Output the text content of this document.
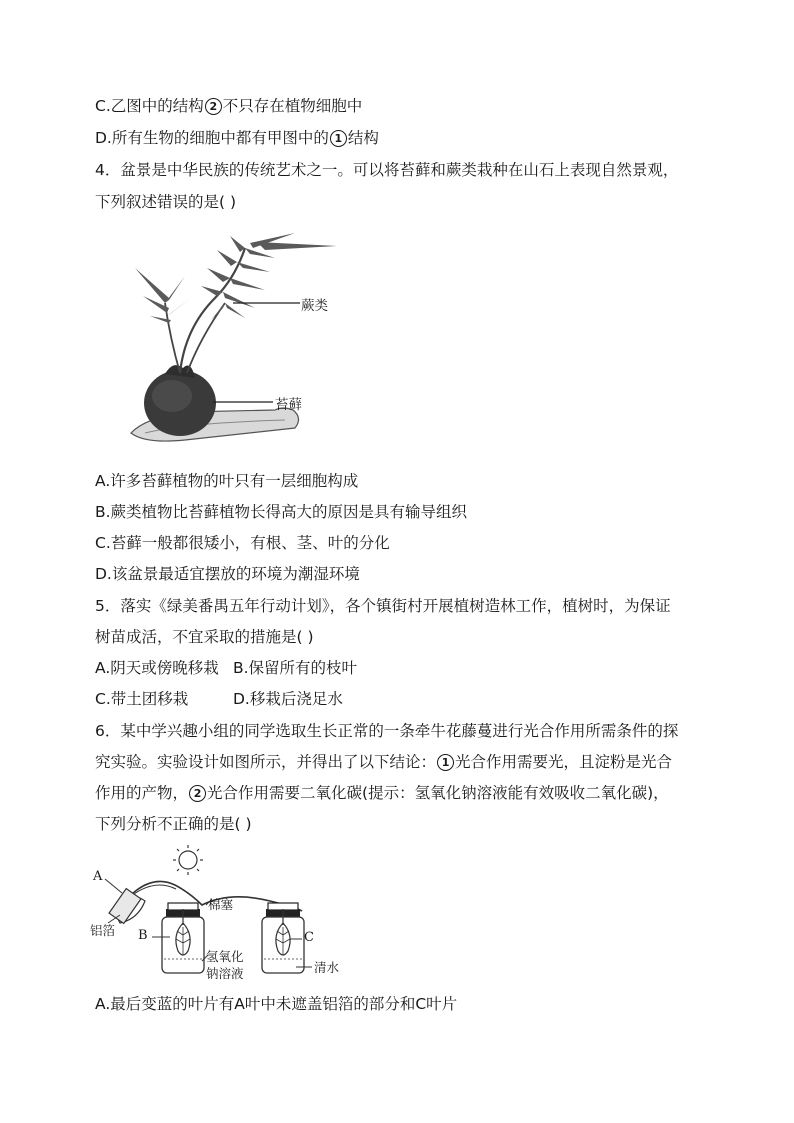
C.乙图中的结构 2 不只存在植物细胞中
D.所有生物的细胞中都有甲图中的 1 结构
4．盆景是中华民族的传统艺术之一。可以将苔藓和蕨类栽种在山石上表现自然景观，
下列叙述错误的是( )
蕨类
苔藓
A.许多苔藓植物的叶只有一层细胞构成
B.蕨类植物比苔藓植物长得高大的原因是具有输导组织
C.苔藓一般都很矮小，有根、茎、叶的分化
D.该盆景最适宜摆放的环境为潮湿环境
5．落实《绿美番禺五年行动计划》，各个镇街村开展植树造林工作，植树时，为保证
树苗成活，不宜采取的措施是( )
A.阴天或傍晚移栽 B.保留所有的枝叶
C.带土团移栽	D.移栽后浇足水
6．某中学兴趣小组的同学选取生长正常的一条牵牛花藤蔓进行光合作用所需条件的探
究实验。实验设计如图所示，并得出了以下结论： 1 光合作用需要光，且淀粉是光合
作用的产物， 2 光合作用需要二氧化碳(提示：氢氧化钠溶液能有效吸收二氧化碳)，
下列分析不正确的是( )
A
铝箔 B
棉塞
C
氢氧化
钠溶液	清水
A.最后变蓝的叶片有A叶中未遮盖铝箔的部分和C叶片
